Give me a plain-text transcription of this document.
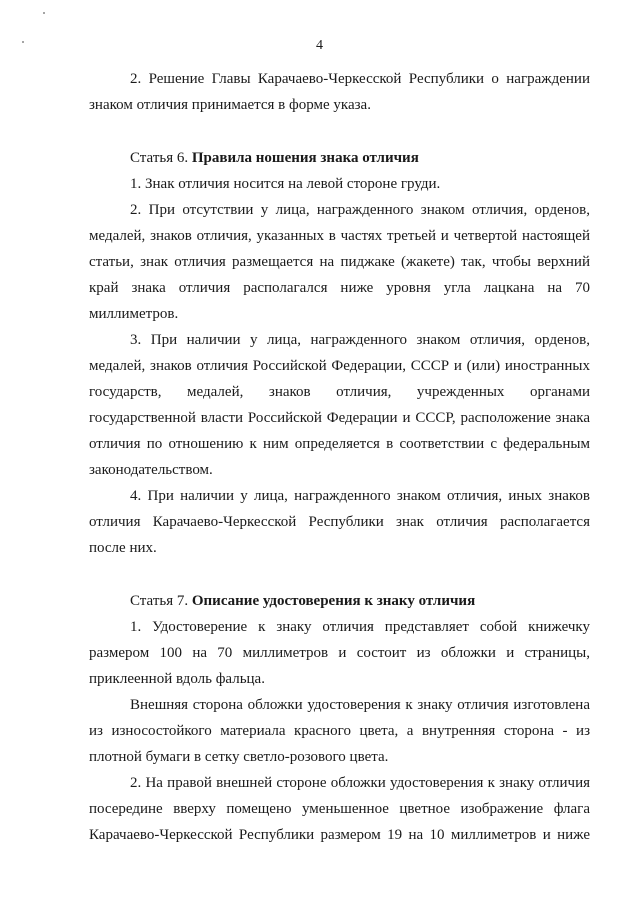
4
2. Решение Главы Карачаево-Черкесской Республики о награждении
знаком отличия принимается в форме указа.
Статья 6. Правила ношения знака отличия
1. Знак отличия носится на левой стороне груди.
2. При отсутствии у лица, награжденного знаком отличия, орденов,
медалей, знаков отличия, указанных в частях третьей и четвертой настоящей
статьи, знак отличия размещается на пиджаке (жакете) так, чтобы верхний
край знака отличия располагался ниже уровня угла лацкана на 70
миллиметров.
3. При наличии у лица, награжденного знаком отличия, орденов,
медалей, знаков отличия Российской Федерации, СССР и (или) иностранных
государств, медалей, знаков отличия, учрежденных органами
государственной власти Российской Федерации и СССР, расположение знака
отличия по отношению к ним определяется в соответствии с федеральным
законодательством.
4. При наличии у лица, награжденного знаком отличия, иных знаков
отличия Карачаево-Черкесской Республики знак отличия располагается
после них.
Статья 7. Описание удостоверения к знаку отличия
1. Удостоверение к знаку отличия представляет собой книжечку
размером 100 на 70 миллиметров и состоит из обложки и страницы,
приклеенной вдоль фальца.
Внешняя сторона обложки удостоверения к знаку отличия изготовлена
из износостойкого материала красного цвета, а внутренняя сторона - из
плотной бумаги в сетку светло-розового цвета.
2. На правой внешней стороне обложки удостоверения к знаку отличия
посередине вверху помещено уменьшенное цветное изображение флага
Карачаево-Черкесской Республики размером 19 на 10 миллиметров и ниже
